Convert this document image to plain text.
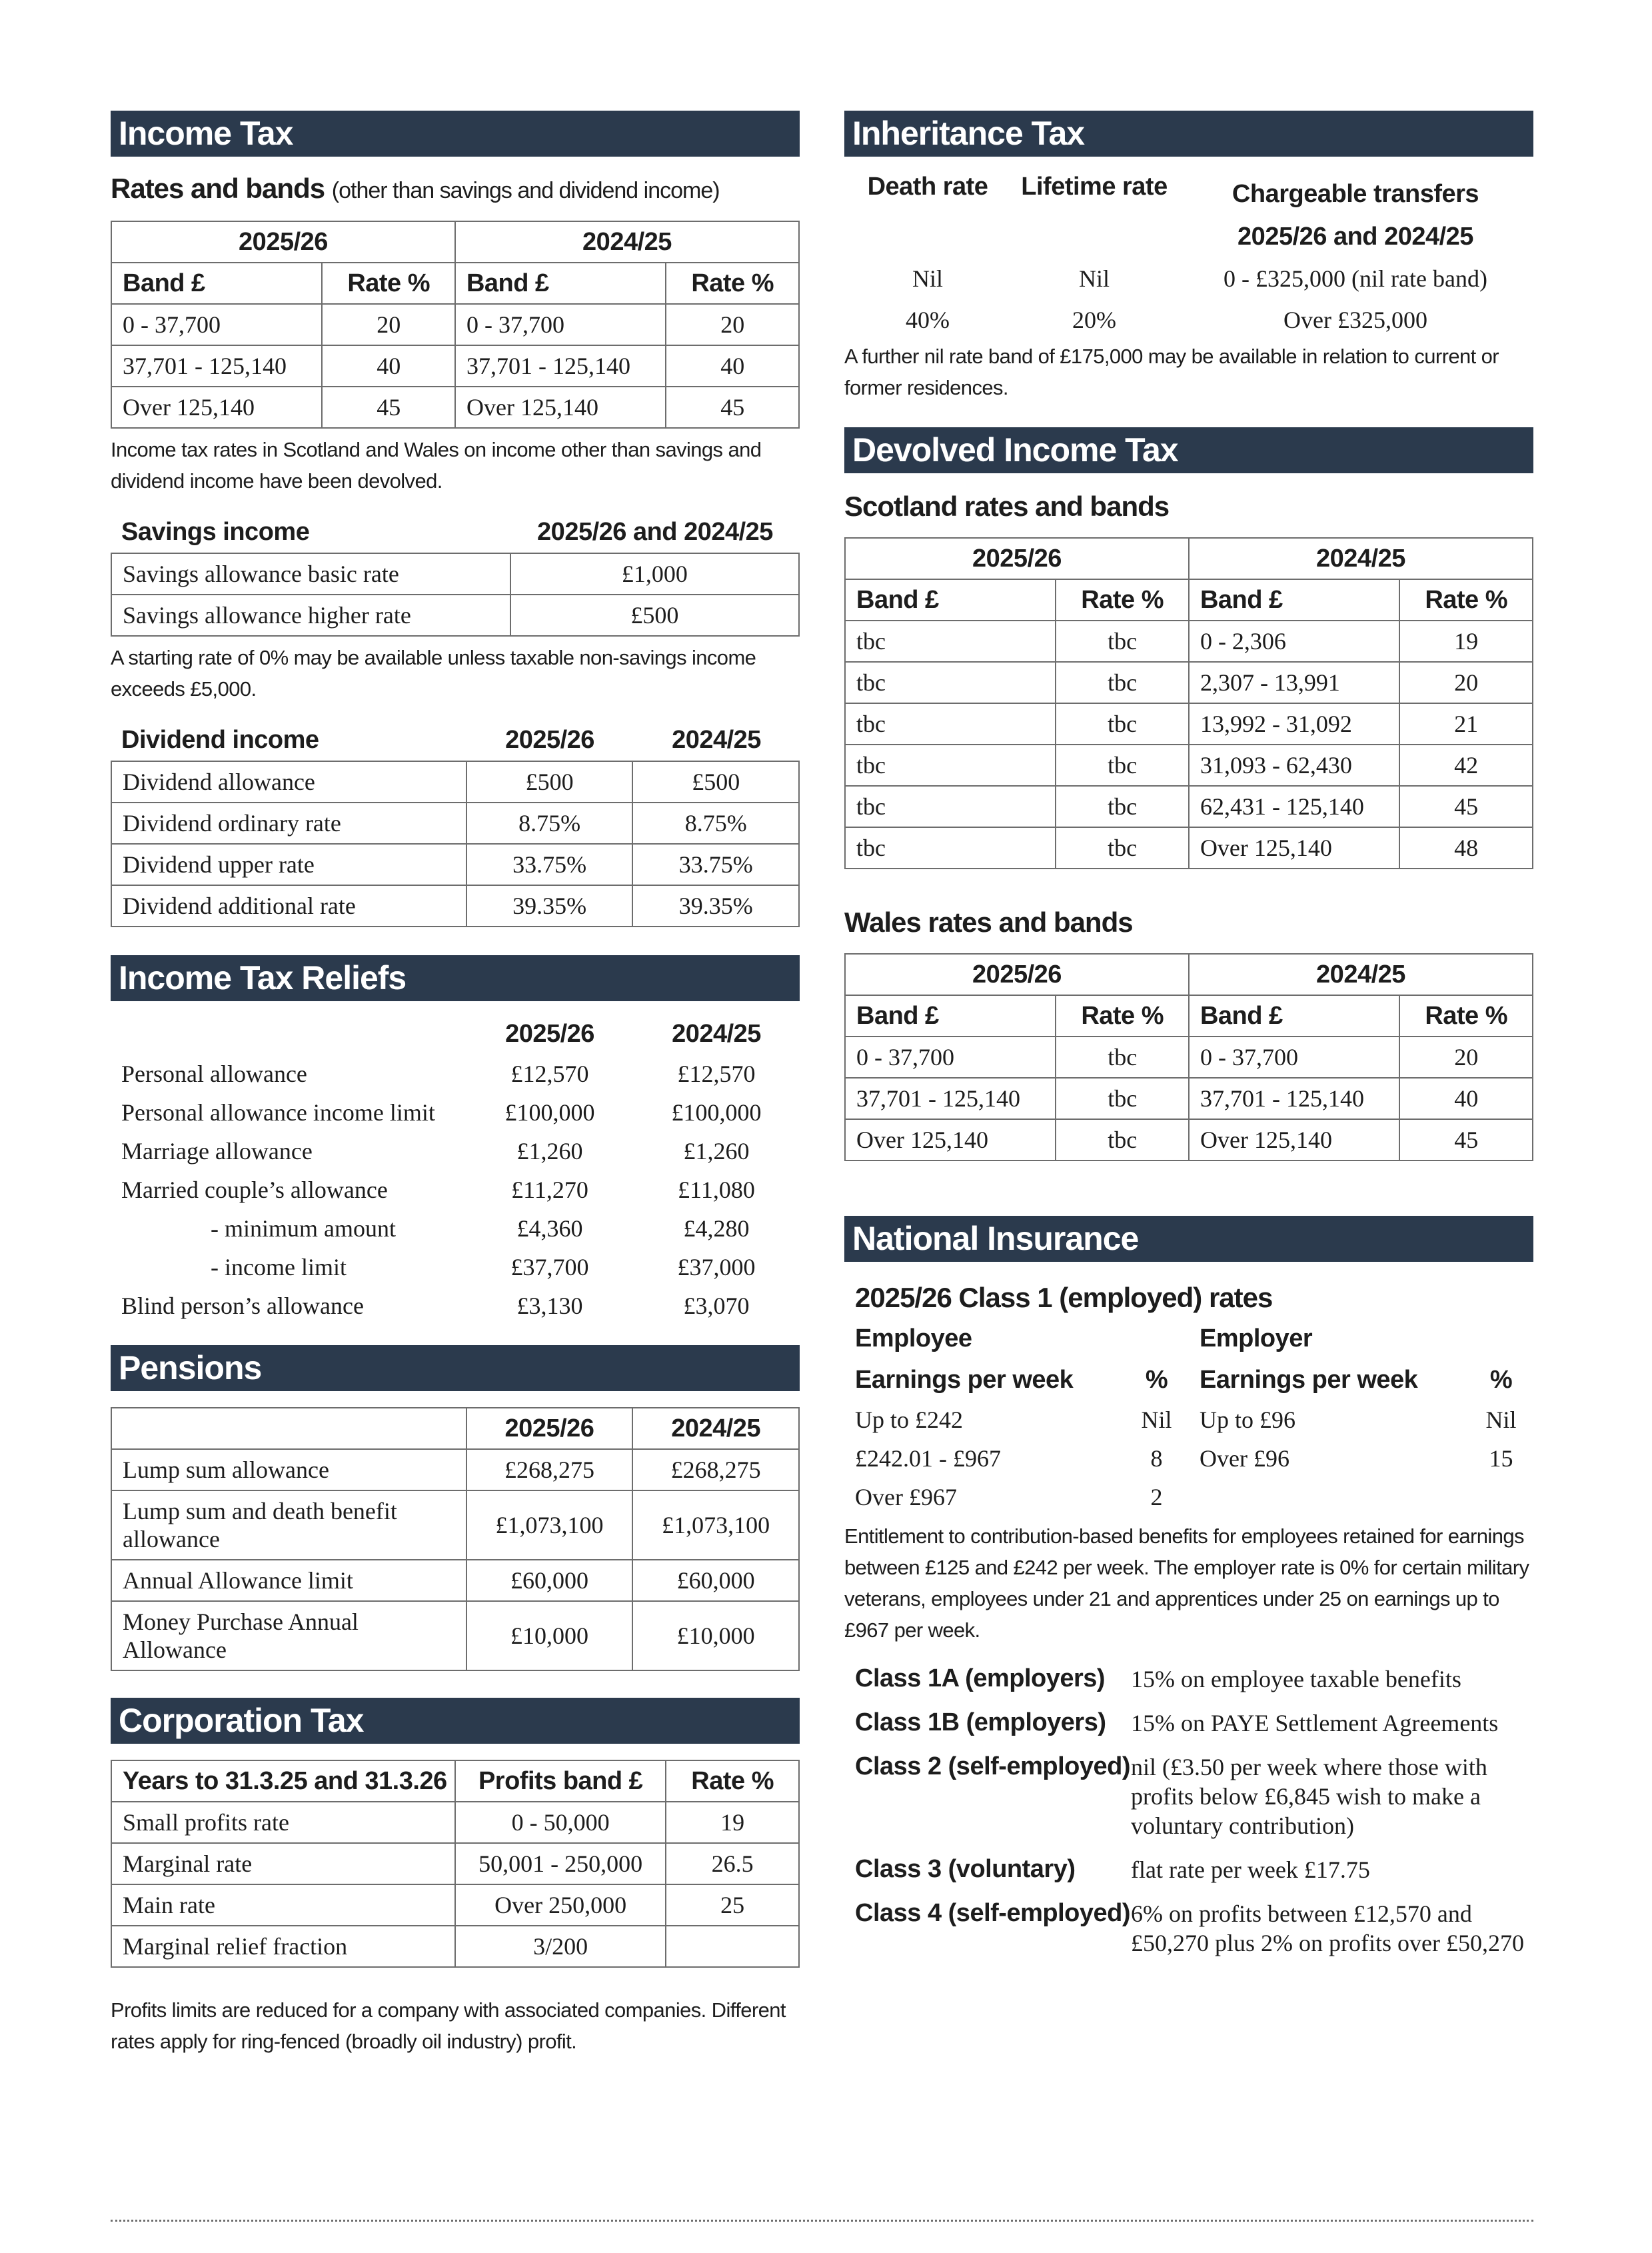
Income Tax
Rates and bands (other than savings and dividend income)
2025/26		2024/25	
Band £	Rate %	Band £	Rate %
0 - 37,700	20	0 - 37,700	20
37,701 - 125,140	40	37,701 - 125,140	40
Over 125,140	45	Over 125,140	45
Income tax rates in Scotland and Wales on income other than savings and dividend income have been devolved.
Savings income	2025/26 and 2024/25
Savings allowance basic rate	£1,000
Savings allowance higher rate	£500
A starting rate of 0% may be available unless taxable non-savings income exceeds £5,000.
Dividend income	2025/26	2024/25
Dividend allowance	£500	£500
Dividend ordinary rate	8.75%	8.75%
Dividend upper rate	33.75%	33.75%
Dividend additional rate	39.35%	39.35%
Income Tax Reliefs
	2025/26	2024/25
Personal allowance	£12,570	£12,570
Personal allowance income limit	£100,000	£100,000
Marriage allowance	£1,260	£1,260
Married couple’s allowance	£11,270	£11,080
- minimum amount	£4,360	£4,280
- income limit	£37,700	£37,000
Blind person’s allowance	£3,130	£3,070
Pensions
	2025/26	2024/25
Lump sum allowance	£268,275	£268,275
Lump sum and death benefit allowance	£1,073,100	£1,073,100
Annual Allowance limit	£60,000	£60,000
Money Purchase Annual Allowance	£10,000	£10,000
Corporation Tax
Years to 31.3.25 and 31.3.26	Profits band £	Rate %
Small profits rate	0 - 50,000	19
Marginal rate	50,001 - 250,000	26.5
Main rate	Over 250,000	25
Marginal relief fraction	3/200	
Profits limits are reduced for a company with associated companies. Different rates apply for ring-fenced (broadly oil industry) profit.
Inheritance Tax
Death rate	Lifetime rate	Chargeable transfers
2025/26 and 2024/25

Nil	Nil	0 - £325,000 (nil rate band)
40%	20%	Over £325,000
A further nil rate band of £175,000 may be available in relation to current or former residences.
Devolved Income Tax
Scotland rates and bands
2025/26		2024/25	
Band £	Rate %	Band £	Rate %
tbc	tbc	0 - 2,306	19
tbc	tbc	2,307 - 13,991	20
tbc	tbc	13,992 - 31,092	21
tbc	tbc	31,093 - 62,430	42
tbc	tbc	62,431 - 125,140	45
tbc	tbc	Over 125,140	48
Wales rates and bands
2025/26		2024/25	
Band £	Rate %	Band £	Rate %
0 - 37,700	tbc	0 - 37,700	20
37,701 - 125,140	tbc	37,701 - 125,140	40
Over 125,140	tbc	Over 125,140	45
National Insurance
2025/26 Class 1 (employed) rates
Employee		Employer	
Earnings per week	%	Earnings per week	%
Up to £242	Nil	Up to £96	Nil
£242.01 - £967	8	Over £96	15
Over £967	2		
Entitlement to contribution-based benefits for employees retained for earnings between £125 and £242 per week. The employer rate is 0% for certain military veterans, employees under 21 and apprentices under 25 on earnings up to £967 per week.
Class 1A (employers)	15% on employee taxable benefits
Class 1B (employers)	15% on PAYE Settlement Agreements
Class 2 (self-employed)	nil (£3.50 per week where those with profits below £6,845 wish to make a voluntary contribution)
Class 3 (voluntary)	flat rate per week £17.75
Class 4 (self-employed)	6% on profits between £12,570 and £50,270 plus 2% on profits over £50,270
